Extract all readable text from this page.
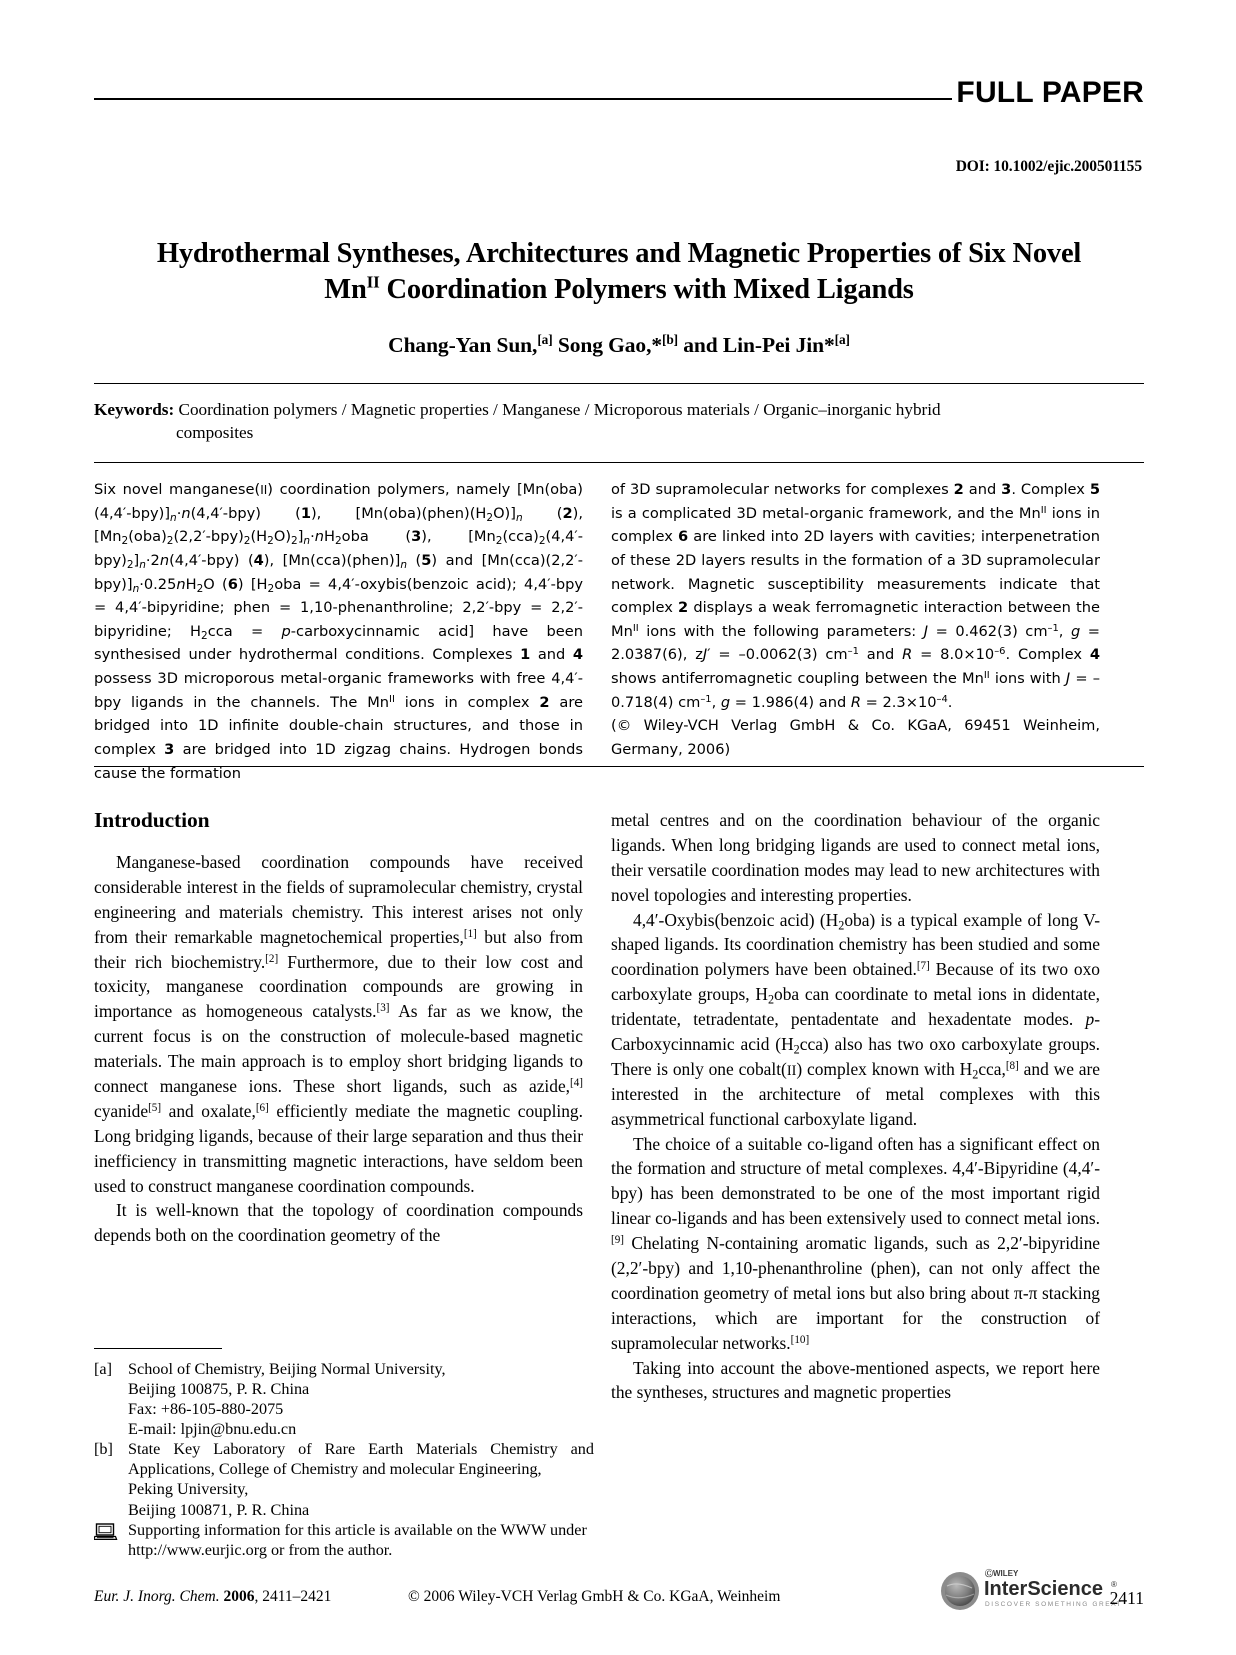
FULL PAPER
DOI: 10.1002/ejic.200501155
Hydrothermal Syntheses, Architectures and Magnetic Properties of Six Novel
$Mn^{II}$ Coordination Polymers with Mixed Ligands
Chang-Yan Sun,[a] Song Gao,*[b] and Lin-Pei Jin*[a]
Keywords: Coordination polymers / Magnetic properties / Manganese / Microporous materials / Organic–inorganic hybrid
composites

Six novel manganese(II) coordination polymers, namely $[Mn(oba)(4,4'-bpy)]_n\cdot n(4,4'-bpy)$ (1), $[Mn(oba)(phen)(H_2O)]_n$ (2), $[Mn_2(oba)_2(2,2'-bpy)_2(H_2O)_2]_n\cdot nH_2oba$ (3), $[Mn_2(cca)_2(4,4'-bpy)_2]_n\cdot 2n(4,4'-bpy)$ (4), $[Mn(cca)(phen)]_n$ (5) and $[Mn(cca)(2,2'-bpy)]_n\cdot 0.25nH_2O$ (6) [$H_2oba$ = 4,4′-oxybis(benzoic acid); 4,4′-bpy = 4,4′-bipyridine; phen = 1,10-phenanthroline; 2,2′-bpy = 2,2′-bipyridine; $H_2cca$ = p-carboxycinnamic acid] have been synthesised under hydrothermal conditions. Complexes 1 and 4 possess 3D microporous metal-organic frameworks with free 4,4′-bpy ligands in the channels. The $Mn^{II}$ ions in complex 2 are bridged into 1D infinite double-chain structures, and those in complex 3 are bridged into 1D zigzag chains. Hydrogen bonds cause the formation

of 3D supramolecular networks for complexes 2 and 3. Complex 5 is a complicated 3D metal-organic framework, and the $Mn^{II}$ ions in complex 6 are linked into 2D layers with cavities; interpenetration of these 2D layers results in the formation of a 3D supramolecular network. Magnetic susceptibility measurements indicate that complex 2 displays a weak ferromagnetic interaction between the $Mn^{II}$ ions with the following parameters: J = 0.462(3) $cm^{-1}$, g = 2.0387(6), zJ′ = –0.0062(3) $cm^{-1}$ and $R = 8.0\times 10^{-6}$. Complex 4 shows antiferromagnetic coupling between the $Mn^{II}$ ions with J = –0.718(4) $cm^{-1}$, g = 1.986(4) and $R = 2.3\times 10^{-4}$.
(© Wiley-VCH Verlag GmbH & Co. KGaA, 69451 Weinheim, Germany, 2006)

Introduction

Manganese-based coordination compounds have received considerable interest in the fields of supramolecular chemistry, crystal engineering and materials chemistry. This interest arises not only from their remarkable magnetochemical properties,[1] but also from their rich biochemistry.[2] Furthermore, due to their low cost and toxicity, manganese coordination compounds are growing in importance as homogeneous catalysts.[3] As far as we know, the current focus is on the construction of molecule-based magnetic materials. The main approach is to employ short bridging ligands to connect manganese ions. These short ligands, such as azide,[4] cyanide[5] and oxalate,[6] efficiently mediate the magnetic coupling. Long bridging ligands, because of their large separation and thus their inefficiency in transmitting magnetic interactions, have seldom been used to construct manganese coordination compounds.

It is well-known that the topology of coordination compounds depends both on the coordination geometry of the

metal centres and on the coordination behaviour of the organic ligands. When long bridging ligands are used to connect metal ions, their versatile coordination modes may lead to new architectures with novel topologies and interesting properties.

4,4′-Oxybis(benzoic acid) $(H_2oba)$ is a typical example of long V-shaped ligands. Its coordination chemistry has been studied and some coordination polymers have been obtained.[7] Because of its two oxo carboxylate groups, $H_2oba$ can coordinate to metal ions in didentate, tridentate, tetradentate, pentadentate and hexadentate modes. p-Carboxycinnamic acid $(H_2cca)$ also has two oxo carboxylate groups. There is only one cobalt(II) complex known with $H_2cca,[8]$ and we are interested in the architecture of metal complexes with this asymmetrical functional carboxylate ligand.

The choice of a suitable co-ligand often has a significant effect on the formation and structure of metal complexes. 4,4′-Bipyridine (4,4′-bpy) has been demonstrated to be one of the most important rigid linear co-ligands and has been extensively used to connect metal ions.[9] Chelating N-containing aromatic ligands, such as 2,2′-bipyridine (2,2′-bpy) and 1,10-phenanthroline (phen), can not only affect the coordination geometry of metal ions but also bring about π-π stacking interactions, which are important for the construction of supramolecular networks.[10]

Taking into account the above-mentioned aspects, we report here the syntheses, structures and magnetic properties

[a] School of Chemistry, Beijing Normal University,
Beijing 100875, P. R. China
Fax: +86-105-880-2075
E-mail: lpjin@bnu.edu.cn
[b] State Key Laboratory of Rare Earth Materials Chemistry and Applications, College of Chemistry and molecular Engineering,
Peking University,
Beijing 100871, P. R. China
Supporting information for this article is available on the WWW under http://www.eurjic.org or from the author.
Eur. J. Inorg. Chem. 2006, 2411–2421	© 2006 Wiley-VCH Verlag GmbH & Co. KGaA, Weinheim
ⒸWILEY
InterScience ®
DISCOVER SOMETHING GREAT
2411
